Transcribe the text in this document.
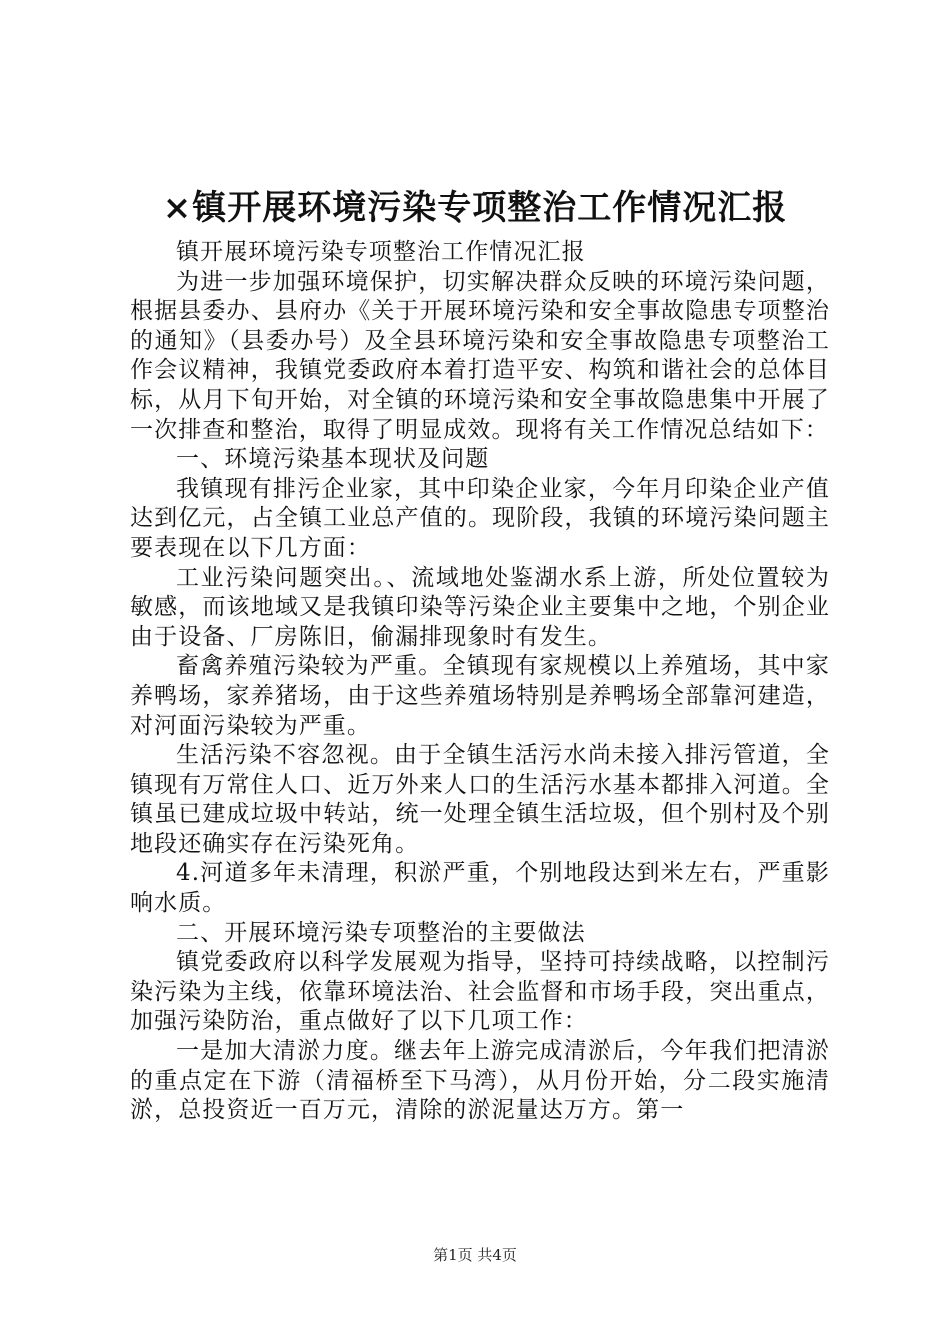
×镇开展环境污染专项整治工作情况汇报

镇开展环境污染专项整治工作情况汇报

为进一步加强环境保护，切实解决群众反映的环境污染问题，根据县委办、县府办《关于开展环境污染和安全事故隐患专项整治的通知》（县委办号）及全县环境污染和安全事故隐患专项整治工作会议精神，我镇党委政府本着打造平安、构筑和谐社会的总体目标，从月下旬开始，对全镇的环境污染和安全事故隐患集中开展了一次排查和整治，取得了明显成效。现将有关工作情况总结如下：

一、环境污染基本现状及问题

我镇现有排污企业家，其中印染企业家，今年月印染企业产值达到亿元，占全镇工业总产值的。现阶段，我镇的环境污染问题主要表现在以下几方面：

工业污染问题突出。、流域地处鉴湖水系上游，所处位置较为敏感，而该地域又是我镇印染等污染企业主要集中之地，个别企业由于设备、厂房陈旧，偷漏排现象时有发生。

畜禽养殖污染较为严重。全镇现有家规模以上养殖场，其中家养鸭场，家养猪场，由于这些养殖场特别是养鸭场全部靠河建造，对河面污染较为严重。

生活污染不容忽视。由于全镇生活污水尚未接入排污管道，全镇现有万常住人口、近万外来人口的生活污水基本都排入河道。全镇虽已建成垃圾中转站，统一处理全镇生活垃圾，但个别村及个别地段还确实存在污染死角。

4.河道多年未清理，积淤严重，个别地段达到米左右，严重影响水质。

二、开展环境污染专项整治的主要做法

镇党委政府以科学发展观为指导，坚持可持续战略，以控制污染污染为主线，依靠环境法治、社会监督和市场手段，突出重点，加强污染防治，重点做好了以下几项工作：

一是加大清淤力度。继去年上游完成清淤后，今年我们把清淤的重点定在下游（清福桥至下马湾），从月份开始，分二段实施清淤，总投资近一百万元，清除的淤泥量达万方。第一

第1页 共4页
